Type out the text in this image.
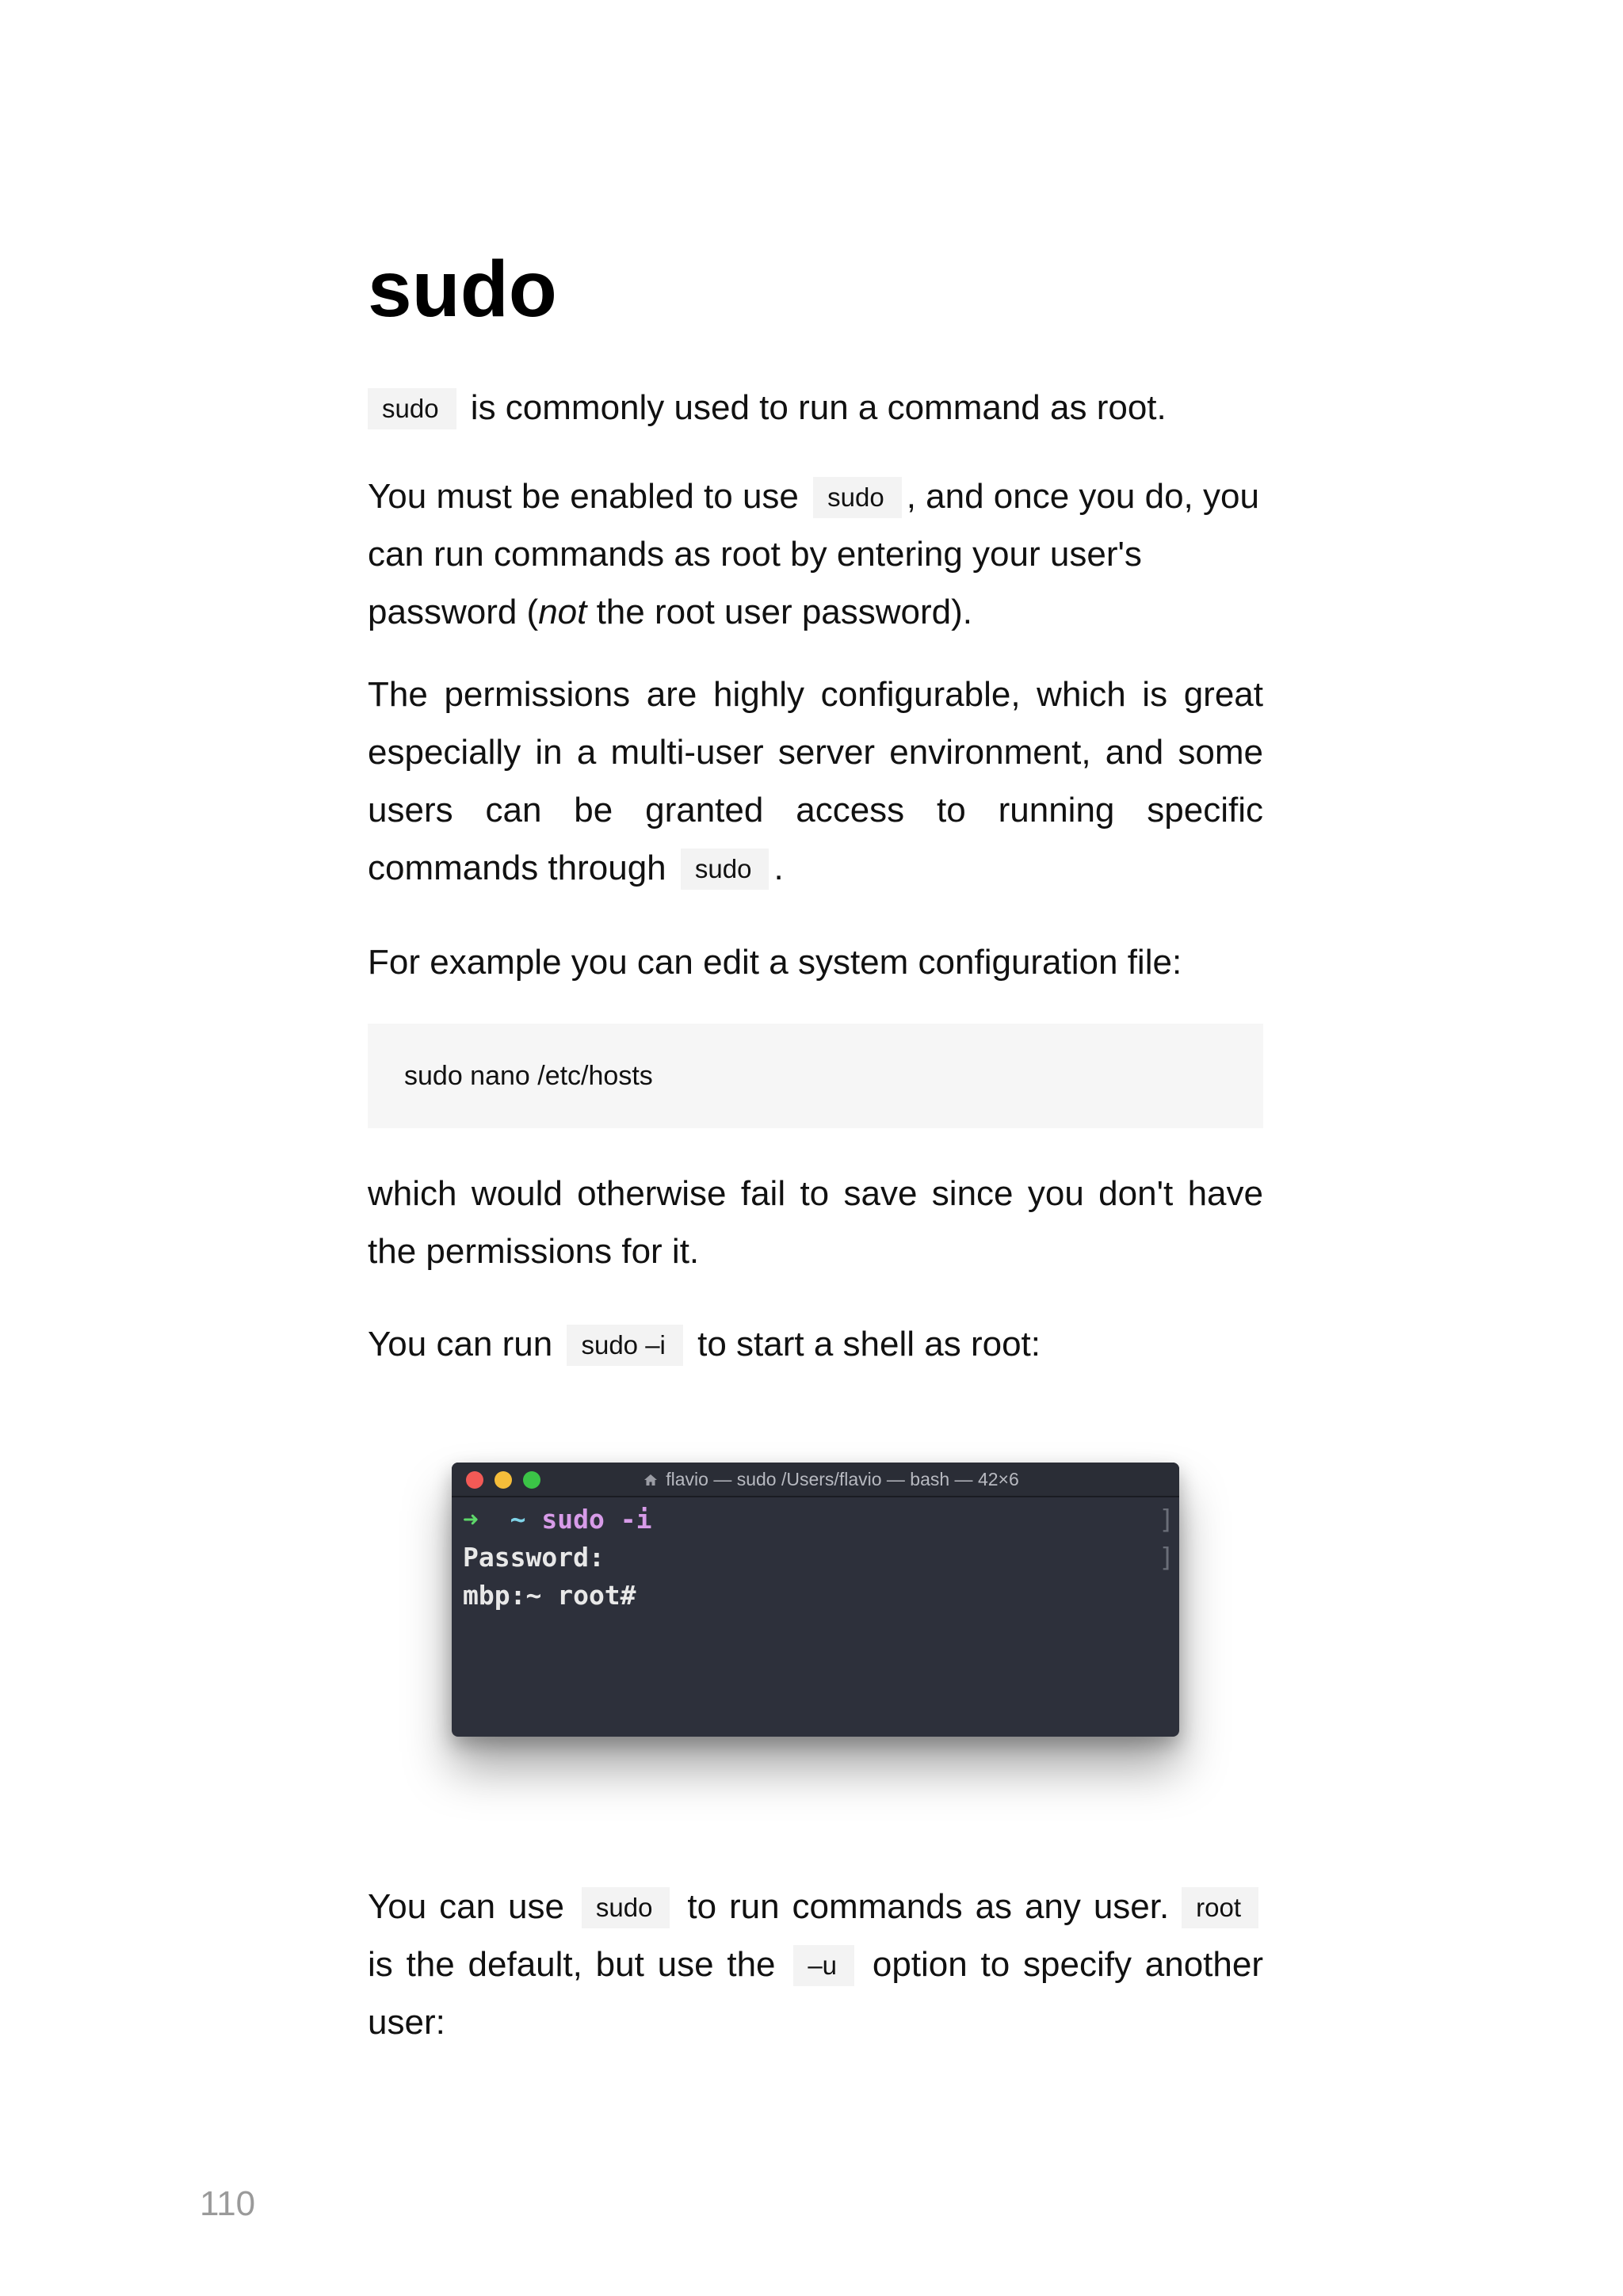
sudo

sudo is commonly used to run a command as root.

You must be enabled to use sudo , and once you do, you can run commands as root by entering your user's password (not the root user password).

The permissions are highly configurable, which is great especially in a multi-user server environment, and some users can be granted access to running specific commands through sudo .

For example you can edit a system configuration file:

sudo nano /etc/hosts

which would otherwise fail to save since you don't have the permissions for it.

You can run sudo –i to start a shell as root:

flavio — sudo /Users/flavio — bash — 42×6
➜ ~ sudo -i	]
Password:	]
mbp:~ root#

You can use sudo to run commands as any user. root is the default, but use the –u option to specify another user:

110
